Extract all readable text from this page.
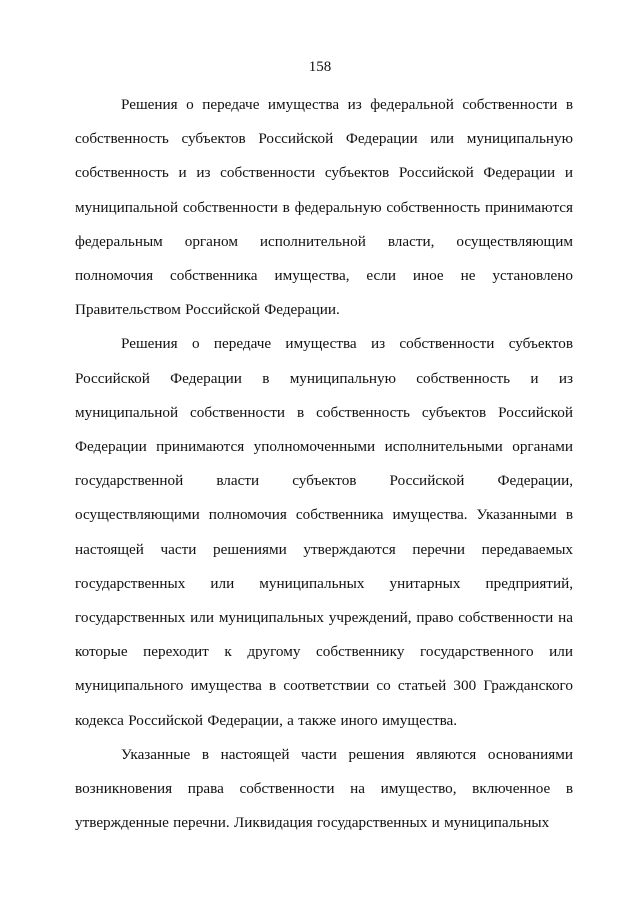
158

Решения о передаче имущества из федеральной собственности в собственность субъектов Российской Федерации или муниципальную собственность и из собственности субъектов Российской Федерации и муниципальной собственности в федеральную собственность принимаются федеральным органом исполнительной власти, осуществляющим полномочия собственника имущества, если иное не установлено Правительством Российской Федерации.

Решения о передаче имущества из собственности субъектов Российской Федерации в муниципальную собственность и из муниципальной собственности в собственность субъектов Российской Федерации принимаются уполномоченными исполнительными органами государственной власти субъектов Российской Федерации, осуществляющими полномочия собственника имущества. Указанными в настоящей части решениями утверждаются перечни передаваемых государственных или муниципальных унитарных предприятий, государственных или муниципальных учреждений, право собственности на которые переходит к другому собственнику государственного или муниципального имущества в соответствии со статьей 300 Гражданского кодекса Российской Федерации, а также иного имущества.

Указанные в настоящей части решения являются основаниями возникновения права собственности на имущество, включенное в утвержденные перечни. Ликвидация государственных и муниципальных
